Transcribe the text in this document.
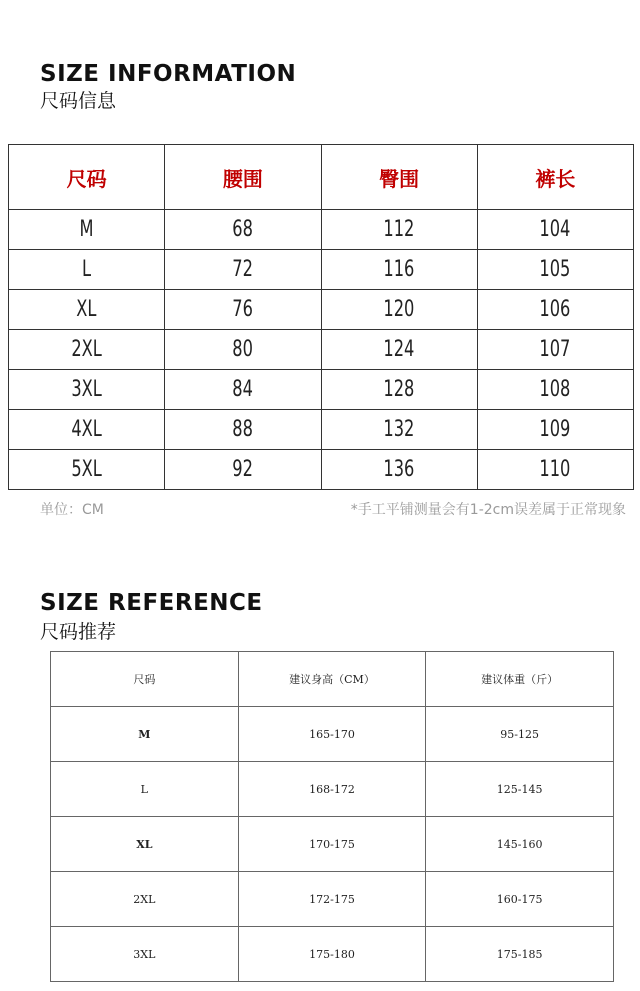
SIZE INFORMATION
尺码信息
尺码	腰围	臀围	裤长
M	68	112	104
L	72	116	105
XL	76	120	106
2XL	80	124	107
3XL	84	128	108
4XL	88	132	109
5XL	92	136	110
单位：CM	*手工平铺测量会有1-2cm误差属于正常现象
SIZE REFERENCE
尺码推荐
尺码	建议身高（CM）	建议体重（斤）
M	165-170	95-125
L	168-172	125-145
XL	170-175	145-160
2XL	172-175	160-175
3XL	175-180	175-185
